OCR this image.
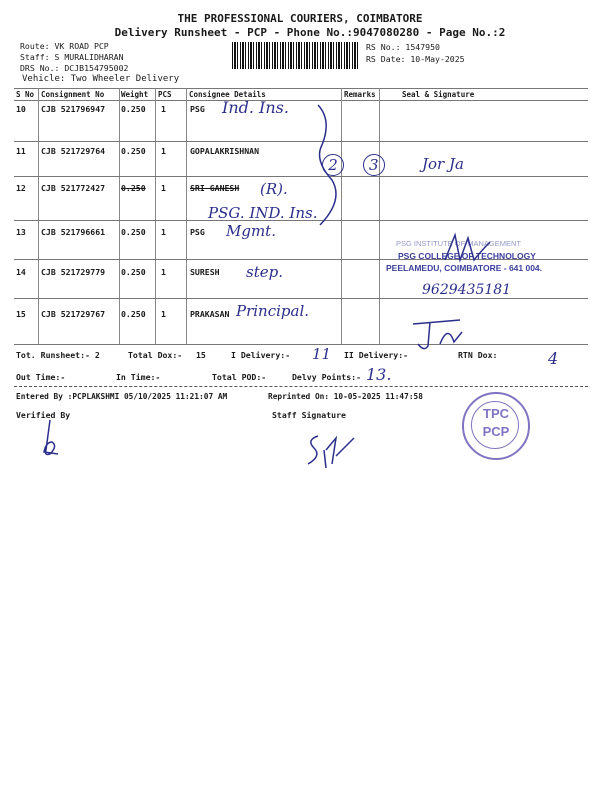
THE PROFESSIONAL COURIERS, COIMBATORE
Delivery Runsheet - PCP - Phone No.:9047080280 - Page No.:2
Route: VK ROAD PCP
Staff: S MURALIDHARAN
DRS No.: DCJB154795002
Vehicle: Two Wheeler Delivery
RS No.: 1547950
RS Date: 10-May-2025
S No Consignment No Weight PCS Consignee Details	Remarks	Seal & Signature
10 CJB 521796947 0.250 1	PSG
11 CJB 521729764 0.250 1	GOPALAKRISHNAN
12 CJB 521772427 0.250 1	SRI GANESH
13 CJB 521796661 0.250 1	PSG
14 CJB 521729779 0.250 1	SURESH
15 CJB 521729767 0.250 1	PRAKASAN
Tot. Runsheet:- 2	Total Dox:- 15	I Delivery:-	II Delivery:-	RTN Dox:
Out Time:-	In Time:-	Total POD:-	Delvy Points:-
Entered By :PCPLAKSHMI 05/10/2025 11:21:07 AM	Reprinted On: 10-05-2025 11:47:58
Verified By	Staff Signature
Ind. Ins.
2 3	Jor Ja
(R).
PSG. IND. Ins.
Mgmt.
step.
Principal.
9629435181
11	4
13.
PSG INSTITUTE OF MANAGEMENT
PSG COLLEGE OF TECHNOLOGY
PEELAMEDU, COIMBATORE - 641 004.
TPC
PCP
